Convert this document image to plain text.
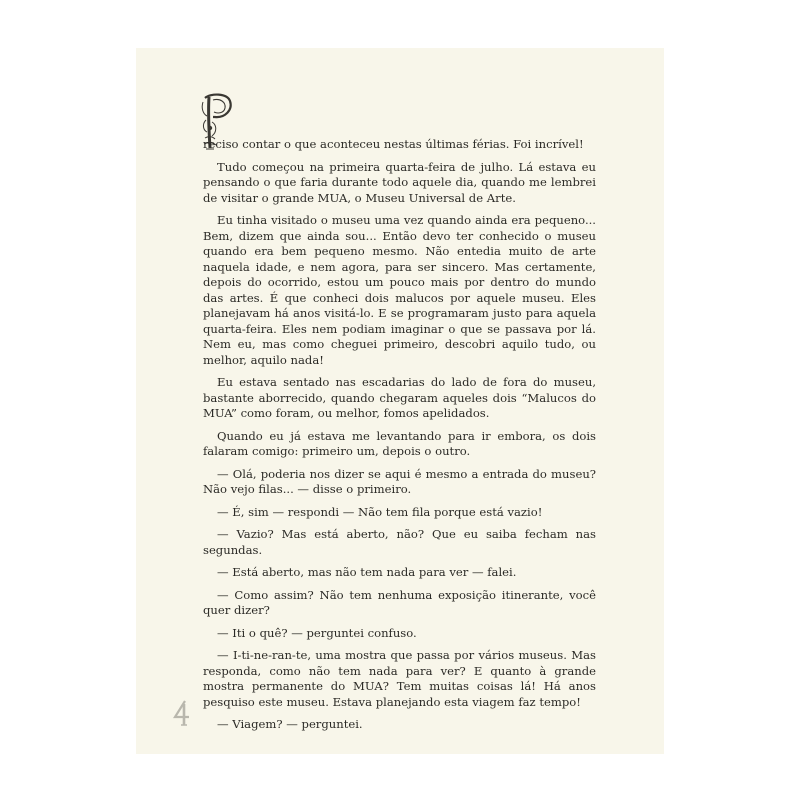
reciso contar o que aconteceu nestas últimas férias. Foi incrível!

Tudo começou na primeira quarta-feira de julho. Lá estava eu pensando o que faria durante todo aquele dia, quando me lembrei de visitar o grande MUA, o Museu Universal de Arte.

Eu tinha visitado o museu uma vez quando ainda era pequeno... Bem, dizem que ainda sou... Então devo ter conhecido o museu quando era bem pequeno mesmo. Não entedia muito de arte naquela idade, e nem agora, para ser sincero. Mas certamente, depois do ocorrido, estou um pouco mais por dentro do mundo das artes. É que conheci dois malucos por aquele museu. Eles planejavam há anos visitá-lo. E se programaram justo para aquela quarta-feira. Eles nem podiam imaginar o que se passava por lá. Nem eu, mas como cheguei primeiro, descobri aquilo tudo, ou melhor, aquilo nada!

Eu estava sentado nas escadarias do lado de fora do museu, bastante aborrecido, quando chegaram aqueles dois “Malucos do MUA” como foram, ou melhor, fomos apelidados.

Quando eu já estava me levantando para ir embora, os dois falaram comigo: primeiro um, depois o outro.

— Olá, poderia nos dizer se aqui é mesmo a entrada do museu? Não vejo filas... — disse o primeiro.

— É, sim — respondi — Não tem fila porque está vazio!

— Vazio? Mas está aberto, não? Que eu saiba fecham nas segundas.

— Está aberto, mas não tem nada para ver — falei.

— Como assim? Não tem nenhuma exposição itinerante, você quer dizer?

— Iti o quê? — perguntei confuso.

— I-ti-ne-ran-te, uma mostra que passa por vários museus. Mas responda, como não tem nada para ver? E quanto à grande mostra permanente do MUA? Tem muitas coisas lá! Há anos pesquiso este museu. Estava planejando esta viagem faz tempo!

— Viagem? — perguntei.
